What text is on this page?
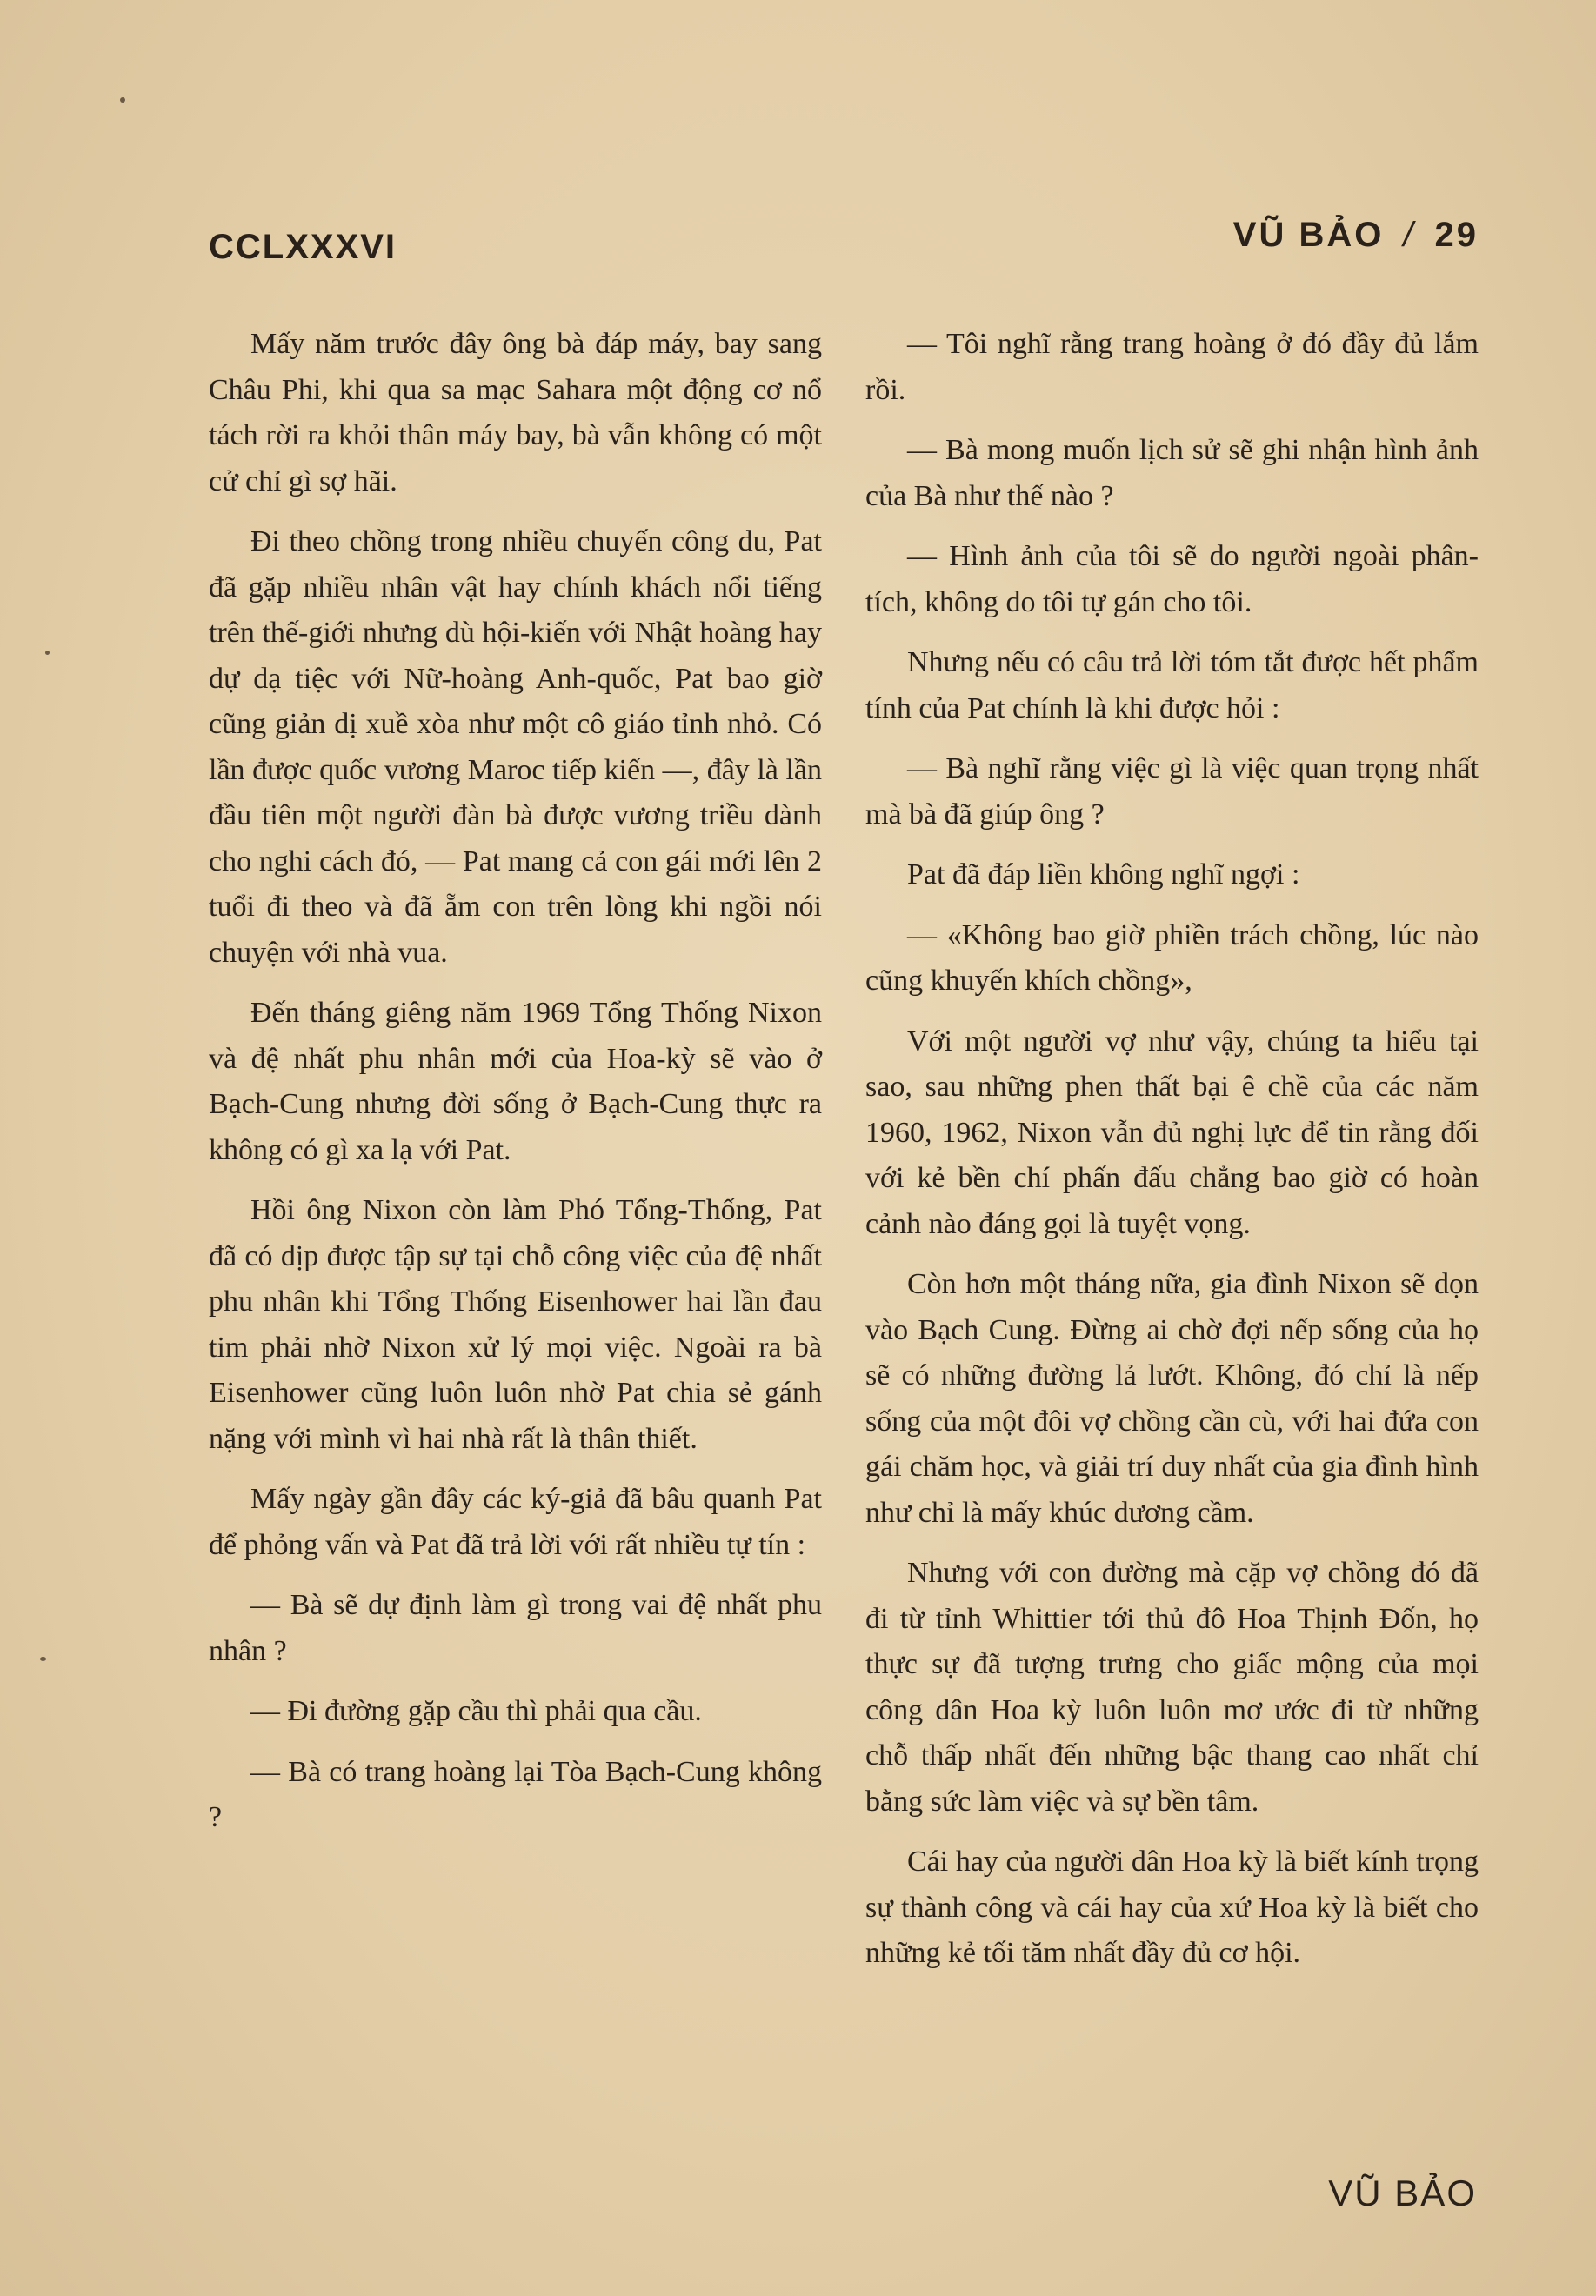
CCLXXXVI	VŨ BẢO / 29

Mấy năm trước đây ông bà đáp máy, bay sang Châu Phi, khi qua sa mạc Sahara một động cơ nổ tách rời ra khỏi thân máy bay, bà vẫn không có một cử chỉ gì sợ hãi.

Đi theo chồng trong nhiều chuyến công du, Pat đã gặp nhiều nhân vật hay chính khách nổi tiếng trên thế-giới nhưng dù hội-kiến với Nhật hoàng hay dự dạ tiệc với Nữ-hoàng Anh-quốc, Pat bao giờ cũng giản dị xuề xòa như một cô giáo tỉnh nhỏ. Có lần được quốc vương Maroc tiếp kiến —, đây là lần đầu tiên một người đàn bà được vương triều dành cho nghi cách đó, — Pat mang cả con gái mới lên 2 tuổi đi theo và đã ẵm con trên lòng khi ngồi nói chuyện với nhà vua.

Đến tháng giêng năm 1969 Tổng Thống Nixon và đệ nhất phu nhân mới của Hoa-kỳ sẽ vào ở Bạch-Cung nhưng đời sống ở Bạch-Cung thực ra không có gì xa lạ với Pat.

Hồi ông Nixon còn làm Phó Tổng-Thống, Pat đã có dịp được tập sự tại chỗ công việc của đệ nhất phu nhân khi Tổng Thống Eisenhower hai lần đau tim phải nhờ Nixon xử lý mọi việc. Ngoài ra bà Eisenhower cũng luôn luôn nhờ Pat chia sẻ gánh nặng với mình vì hai nhà rất là thân thiết.

Mấy ngày gần đây các ký-giả đã bâu quanh Pat để phỏng vấn và Pat đã trả lời với rất nhiều tự tín :

— Bà sẽ dự định làm gì trong vai đệ nhất phu nhân ?

— Đi đường gặp cầu thì phải qua cầu.

— Bà có trang hoàng lại Tòa Bạch-Cung không ?

— Tôi nghĩ rằng trang hoàng ở đó đầy đủ lắm rồi.

— Bà mong muốn lịch sử sẽ ghi nhận hình ảnh của Bà như thế nào ?

— Hình ảnh của tôi sẽ do người ngoài phân-tích, không do tôi tự gán cho tôi.

Nhưng nếu có câu trả lời tóm tắt được hết phẩm tính của Pat chính là khi được hỏi :

— Bà nghĩ rằng việc gì là việc quan trọng nhất mà bà đã giúp ông ?

Pat đã đáp liền không nghĩ ngợi :

— «Không bao giờ phiền trách chồng, lúc nào cũng khuyến khích chồng»,

Với một người vợ như vậy, chúng ta hiểu tại sao, sau những phen thất bại ê chề của các năm 1960, 1962, Nixon vẫn đủ nghị lực để tin rằng đối với kẻ bền chí phấn đấu chẳng bao giờ có hoàn cảnh nào đáng gọi là tuyệt vọng.

Còn hơn một tháng nữa, gia đình Nixon sẽ dọn vào Bạch Cung. Đừng ai chờ đợi nếp sống của họ sẽ có những đường lả lướt. Không, đó chỉ là nếp sống của một đôi vợ chồng cần cù, với hai đứa con gái chăm học, và giải trí duy nhất của gia đình hình như chỉ là mấy khúc dương cầm.

Nhưng với con đường mà cặp vợ chồng đó đã đi từ tỉnh Whittier tới thủ đô Hoa Thịnh Đốn, họ thực sự đã tượng trưng cho giấc mộng của mọi công dân Hoa kỳ luôn luôn mơ ước đi từ những chỗ thấp nhất đến những bậc thang cao nhất chỉ bằng sức làm việc và sự bền tâm.

Cái hay của người dân Hoa kỳ là biết kính trọng sự thành công và cái hay của xứ Hoa kỳ là biết cho những kẻ tối tăm nhất đầy đủ cơ hội.

VŨ BẢO
